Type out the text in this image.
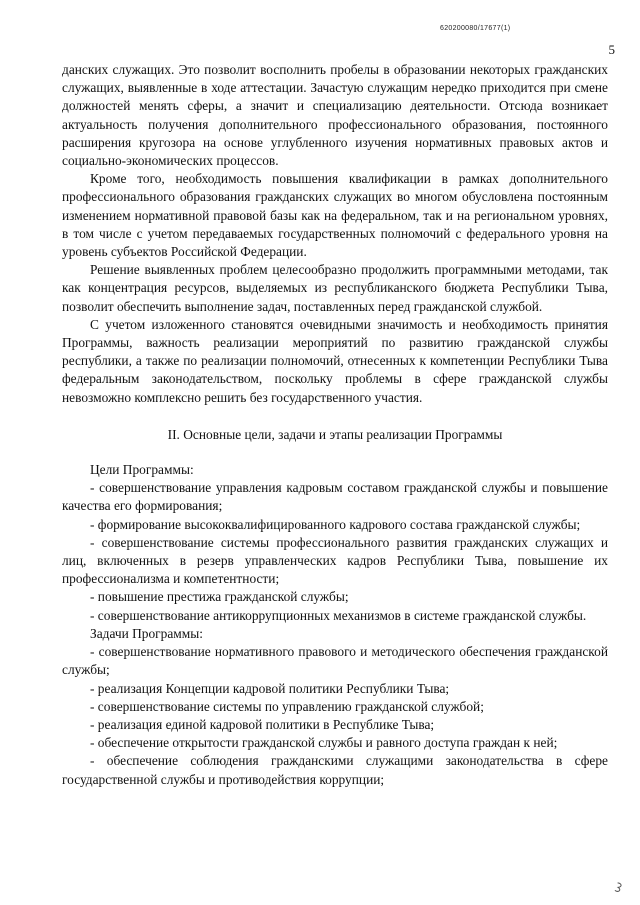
620200080/17677(1)
5

данских служащих. Это позволит восполнить пробелы в образовании некоторых гражданских служащих, выявленные в ходе аттестации. Зачастую служащим нередко приходится при смене должностей менять сферы, а значит и специализацию деятельности. Отсюда возникает актуальность получения дополнительного профессионального образования, постоянного расширения кругозора на основе углубленного изучения нормативных правовых актов и социально-экономических процессов.

Кроме того, необходимость повышения квалификации в рамках дополнительного профессионального образования гражданских служащих во многом обусловлена постоянным изменением нормативной правовой базы как на федеральном, так и на региональном уровнях, в том числе с учетом передаваемых государственных полномочий с федерального уровня на уровень субъектов Российской Федерации.

Решение выявленных проблем целесообразно продолжить программными методами, так как концентрация ресурсов, выделяемых из республиканского бюджета Республики Тыва, позволит обеспечить выполнение задач, поставленных перед гражданской службой.

С учетом изложенного становятся очевидными значимость и необходимость принятия Программы, важность реализации мероприятий по развитию гражданской службы республики, а также по реализации полномочий, отнесенных к компетенции Республики Тыва федеральным законодательством, поскольку проблемы в сфере гражданской службы невозможно комплексно решить без государственного участия.

II. Основные цели, задачи и этапы реализации Программы

Цели Программы:

- совершенствование управления кадровым составом гражданской службы и повышение качества его формирования;

- формирование высококвалифицированного кадрового состава гражданской службы;

- совершенствование системы профессионального развития гражданских служащих и лиц, включенных в резерв управленческих кадров Республики Тыва, повышение их профессионализма и компетентности;

- повышение престижа гражданской службы;

- совершенствование антикоррупционных механизмов в системе гражданской службы.

Задачи Программы:

- совершенствование нормативного правового и методического обеспечения гражданской службы;

- реализация Концепции кадровой политики Республики Тыва;

- совершенствование системы по управлению гражданской службой;

- реализация единой кадровой политики в Республике Тыва;

- обеспечение открытости гражданской службы и равного доступа граждан к ней;

- обеспечение соблюдения гражданскими служащими законодательства в сфере государственной службы и противодействия коррупции;
